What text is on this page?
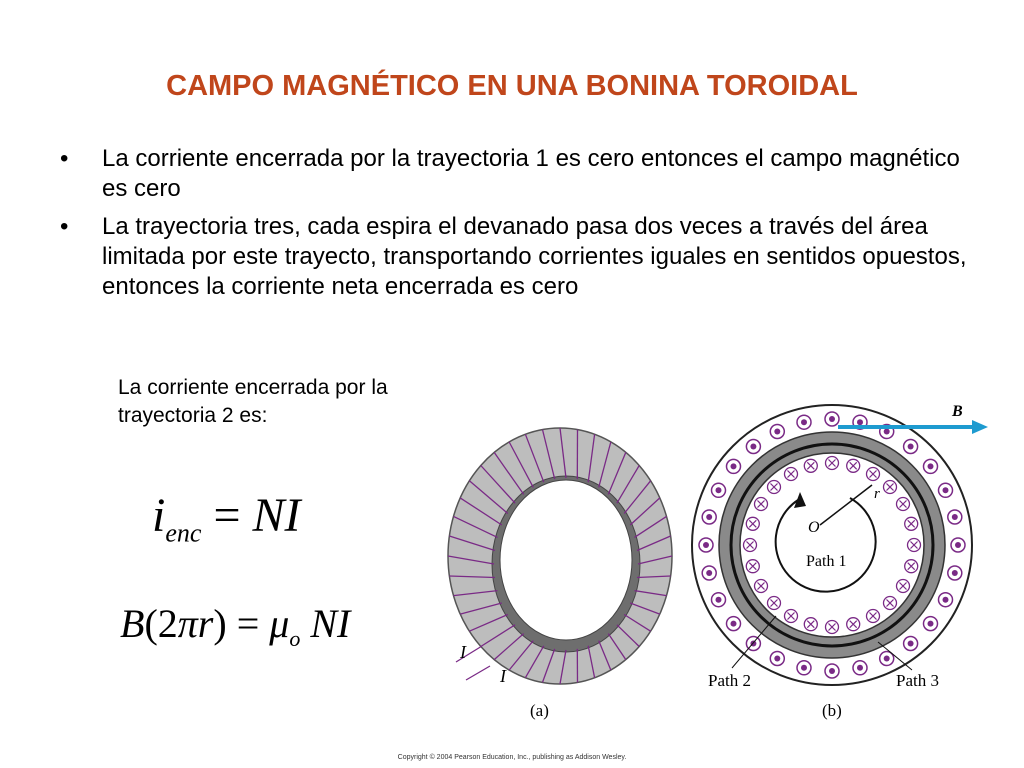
CAMPO MAGNÉTICO EN UNA BONINA TOROIDAL
• La corriente encerrada por la trayectoria 1 es cero entonces el campo magnético es cero
• La trayectoria tres, cada espira el devanado pasa dos veces a través del área limitada por este trayecto, transportando corrientes iguales en sentidos opuestos, entonces la corriente neta encerrada es cero
La corriente encerrada por la trayectoria 2 es:
$i_{enc}$ = NI
$B(2\pi r) = \mu_o$ NI
I
I
(a)
O
r
Path 1
B
Path 2	Path 3
(b)
Copyright © 2004 Pearson Education, Inc., publishing as Addison Wesley.
